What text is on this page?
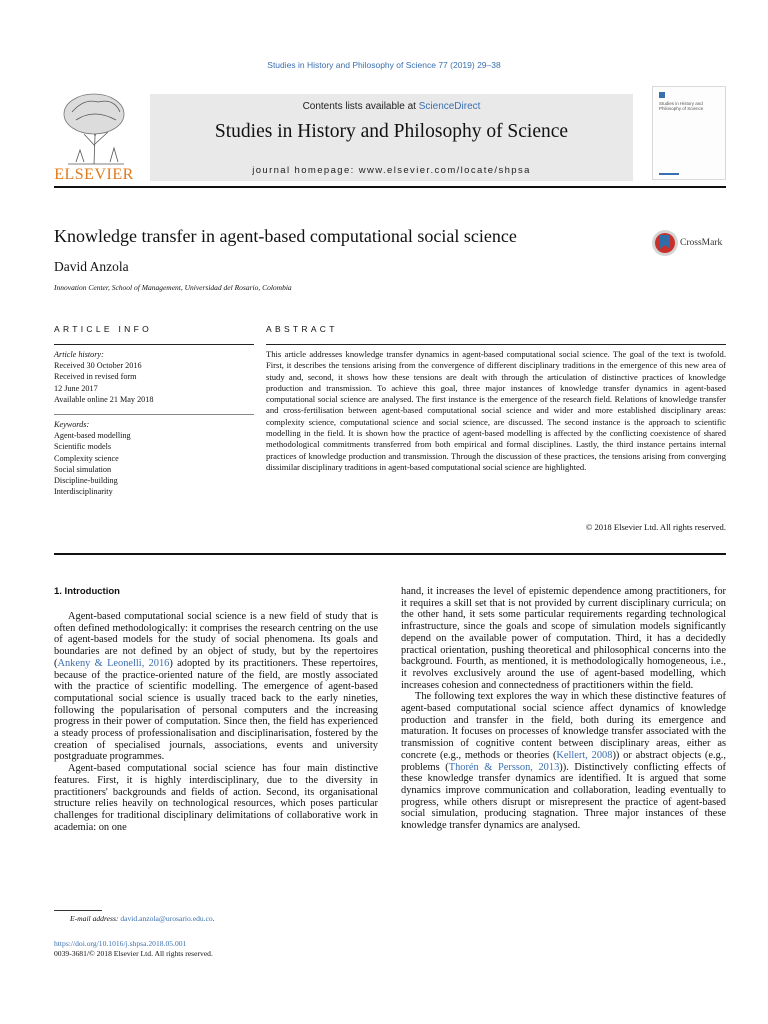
Studies in History and Philosophy of Science 77 (2019) 29–38
ELSEVIER
Contents lists available at ScienceDirect
Studies in History and Philosophy of Science
journal homepage: www.elsevier.com/locate/shpsa
Studies in History and Philosophy of Science
Knowledge transfer in agent-based computational social science	CrossMark
David Anzola
Innovation Center, School of Management, Universidad del Rosario, Colombia
ARTICLE INFO
Article history:
Received 30 October 2016
Received in revised form
12 June 2017
Available online 21 May 2018
Keywords:
Agent-based modelling
Scientific models
Complexity science
Social simulation
Discipline-building
Interdisciplinarity
ABSTRACT
This article addresses knowledge transfer dynamics in agent-based computational social science. The goal of the text is twofold. First, it describes the tensions arising from the convergence of different disciplinary traditions in the emergence of this new area of study and, second, it shows how these tensions are dealt with through the articulation of distinctive practices of knowledge production and transmission. To achieve this goal, three major instances of knowledge transfer dynamics in agent-based computational social science are analysed. The first instance is the emergence of the research field. Relations of knowledge transfer and cross-fertilisation between agent-based computational social science and wider and more established disciplinary areas: complexity science, computational science and social science, are discussed. The second instance is the approach to scientific modelling in the field. It is shown how the practice of agent-based modelling is affected by the conflicting coexistence of shared methodological commitments transferred from both empirical and formal disciplines. Lastly, the third instance pertains internal practices of knowledge production and transmission. Through the discussion of these practices, the tensions arising from converging dissimilar disciplinary traditions in agent-based computational social science are highlighted.
© 2018 Elsevier Ltd. All rights reserved.
1. Introduction

Agent-based computational social science is a new field of study that is often defined methodologically: it comprises the research centring on the use of agent-based models for the study of social phenomena. Its goals and boundaries are not defined by an object of study, but by the repertoires (Ankeny & Leonelli, 2016) adopted by its practitioners. These repertoires, because of the practice-oriented nature of the field, are mostly associated with the practice of scientific modelling. The emergence of agent-based computational social science is usually traced back to the early nineties, following the popularisation of personal computers and the increasing progress in their power of computation. Since then, the field has experienced a steady process of professionalisation and disciplinarisation, fostered by the creation of specialised journals, associations, events and university postgraduate programmes.

Agent-based computational social science has four main distinctive features. First, it is highly interdisciplinary, due to the diversity in practitioners' backgrounds and fields of action. Second, its organisational structure relies heavily on technological resources, which poses particular challenges for traditional disciplinary delimitations of collaborative work in academia: on one

hand, it increases the level of epistemic dependence among practitioners, for it requires a skill set that is not provided by current disciplinary curricula; on the other hand, it sets some particular requirements regarding technological infrastructure, since the goals and scope of simulation models significantly depend on the available power of computation. Third, it has a decidedly practical orientation, pushing theoretical and philosophical concerns into the background. Fourth, as mentioned, it is methodologically homogeneous, i.e., it revolves exclusively around the use of agent-based modelling, which increases cohesion and connectedness of practitioners within the field.

The following text explores the way in which these distinctive features of agent-based computational social science affect dynamics of knowledge production and transfer in the field, both during its emergence and maturation. It focuses on processes of knowledge transfer associated with the transmission of cognitive content between disciplinary areas, either as concrete (e.g., methods or theories (Kellert, 2008)) or abstract objects (e.g., problems (Thorén & Persson, 2013)). Distinctively conflicting effects of these knowledge transfer dynamics are identified. It is argued that some dynamics improve communication and collaboration, leading eventually to progress, while others disrupt or misrepresent the practice of agent-based social simulation, producing stagnation. Three major instances of these knowledge transfer dynamics are analysed.

E-mail address: david.anzola@urosario.edu.co.
https://doi.org/10.1016/j.shpsa.2018.05.001
0039-3681/© 2018 Elsevier Ltd. All rights reserved.
